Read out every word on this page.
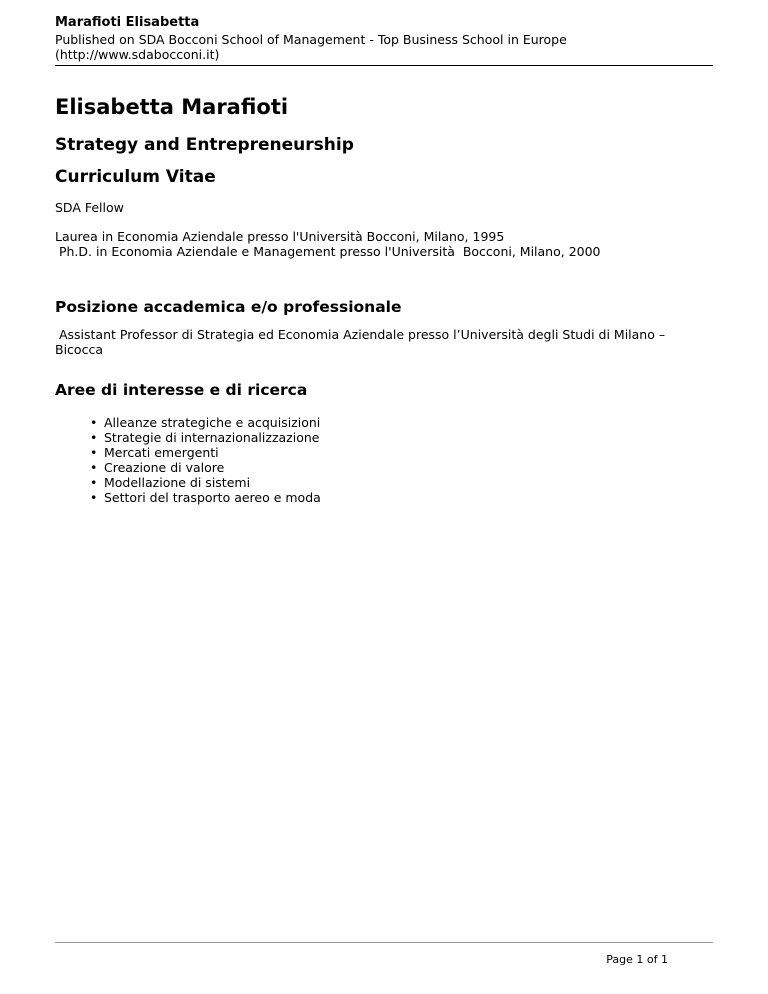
Marafioti Elisabetta
Published on SDA Bocconi School of Management - Top Business School in Europe
(http://www.sdabocconi.it)
Elisabetta Marafioti
Strategy and Entrepreneurship
Curriculum Vitae

SDA Fellow

Laurea in Economia Aziendale presso l'Università Bocconi, Milano, 1995

Ph.D. in Economia Aziendale e Management presso l'Università  Bocconi, Milano, 2000

Posizione accademica e/o professionale

Assistant Professor di Strategia ed Economia Aziendale presso l’Università degli Studi di Milano –

Bicocca

Aree di interesse e di ricerca
• Alleanze strategiche e acquisizioni
• Strategie di internazionalizzazione
• Mercati emergenti
• Creazione di valore
• Modellazione di sistemi
• Settori del trasporto aereo e moda
Page 1 of 1
